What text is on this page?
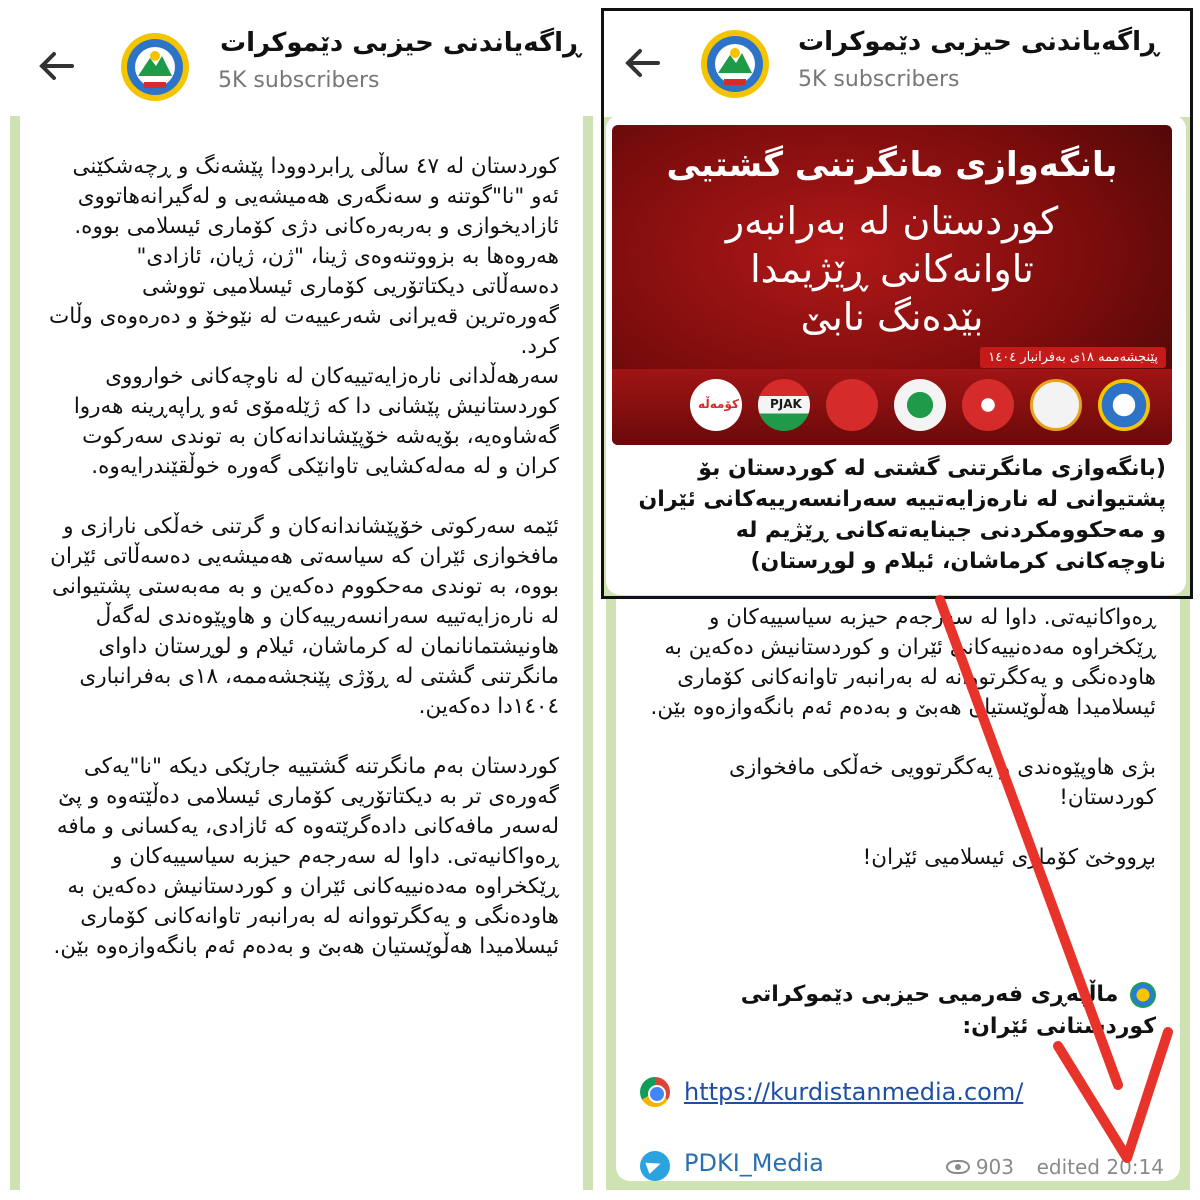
ڕاگەیاندنی حیزبی دێموکرات
5K subscribers
کوردستان لە ٤٧ ساڵی ڕابردوودا پێشەنگ و ڕچەشکێنی ئەو "نا"گوتنە و سەنگەری هەمیشەیی و لەگیرانەهاتووی ئازادیخوازی و بەربەرەکانی دژی کۆماری ئیسلامی بووە. هەروەها بە بزووتنەوەی ژینا، "ژن، ژیان، ئازادی" دەسەڵاتی دیکتاتۆریی کۆماری ئیسلامیی تووشی گەورەترین قەیرانی شەرعییەت لە نێوخۆ و دەرەوەی وڵات کرد.
سەرهەڵدانی نارەزایەتییەکان لە ناوچەکانی خوارووی کوردستانیش پێشانی دا کە ژێلەمۆی ئەو ڕاپەڕینە هەروا گەشاوەیە، بۆیەشە خۆپێشاندانەکان بە توندی سەرکوت کران و لە مەلەکشایی تاوانێکی گەورە خوڵقێندرایەوە.

ئێمە سەرکوتی خۆپێشاندانەکان و گرتنی خەڵکی نارازی و مافخوازی ئێران کە سیاسەتی هەمیشەیی دەسەڵاتی ئێران بووە، بە توندی مەحکووم دەکەین و بە مەبەستی پشتیوانی لە نارەزایەتییە سەرانسەرییەکان و هاوپێوەندی لەگەڵ هاونیشتمانانمان لە کرماشان، ئیلام و لوڕستان داوای مانگرتنی گشتی لە ڕۆژی پێنجشەممە، ١٨ی بەفرانباری ١٤٠٤دا دەکەین.

کوردستان بەم مانگرتنە گشتییە جارێکی دیکە "نا"یەکی گەورەی تر بە دیکتاتۆریی کۆماری ئیسلامی دەڵێتەوە و پێ لەسەر مافەکانی دادەگرێتەوە کە ئازادی، یەکسانی و مافە ڕەواکانیەتی. داوا لە سەرجەم حیزبە سیاسییەکان و ڕێکخراوە مەدەنییەکانی ئێران و کوردستانیش دەکەین بە هاودەنگی و یەکگرتووانە لە بەرانبەر تاوانەکانی کۆماری ئیسلامیدا هەڵوێستیان هەبێ و بەدەم ئەم بانگەوازەوە بێن.
ڕەواکانیەتی. داوا لە سەرجەم حیزبە سیاسییەکان و ڕێکخراوە مەدەنییەکانی ئێران و کوردستانیش دەکەین بە هاودەنگی و یەکگرتووانە لە بەرانبەر تاوانەکانی کۆماری ئیسلامیدا هەڵوێستیان هەبێ و بەدەم ئەم بانگەوازەوە بێن.

بژی هاوپێوەندی و یەکگرتوویی خەڵکی مافخوازی کوردستان!

بڕووخێ کۆماری ئیسلامیی ئێران!
ماڵپەڕی فەرمیی حیزبی دێموکراتی کوردستانی ئێران:
https://kurdistanmedia.com/
PDKI_Media	903 edited 20:14
ڕاگەیاندنی حیزبی دێموکرات
5K subscribers
بانگەوازی مانگرتنی گشتیی
کوردستان لە بەرانبەر
تاوانەکانی ڕێژیمدا
بێدەنگ نابێ
پێنجشەممە ١٨ی بەفرانبار ١٤٠٤
PJAK
کۆمەڵە
(بانگەوازی مانگرتنی گشتی لە کوردستان بۆ پشتیوانی لە نارەزایەتییە سەرانسەرییەکانی ئێران و مەحکوومکردنی جینایەتەکانی ڕێژیم لە ناوچەکانی کرماشان، ئیلام و لوڕستان)
